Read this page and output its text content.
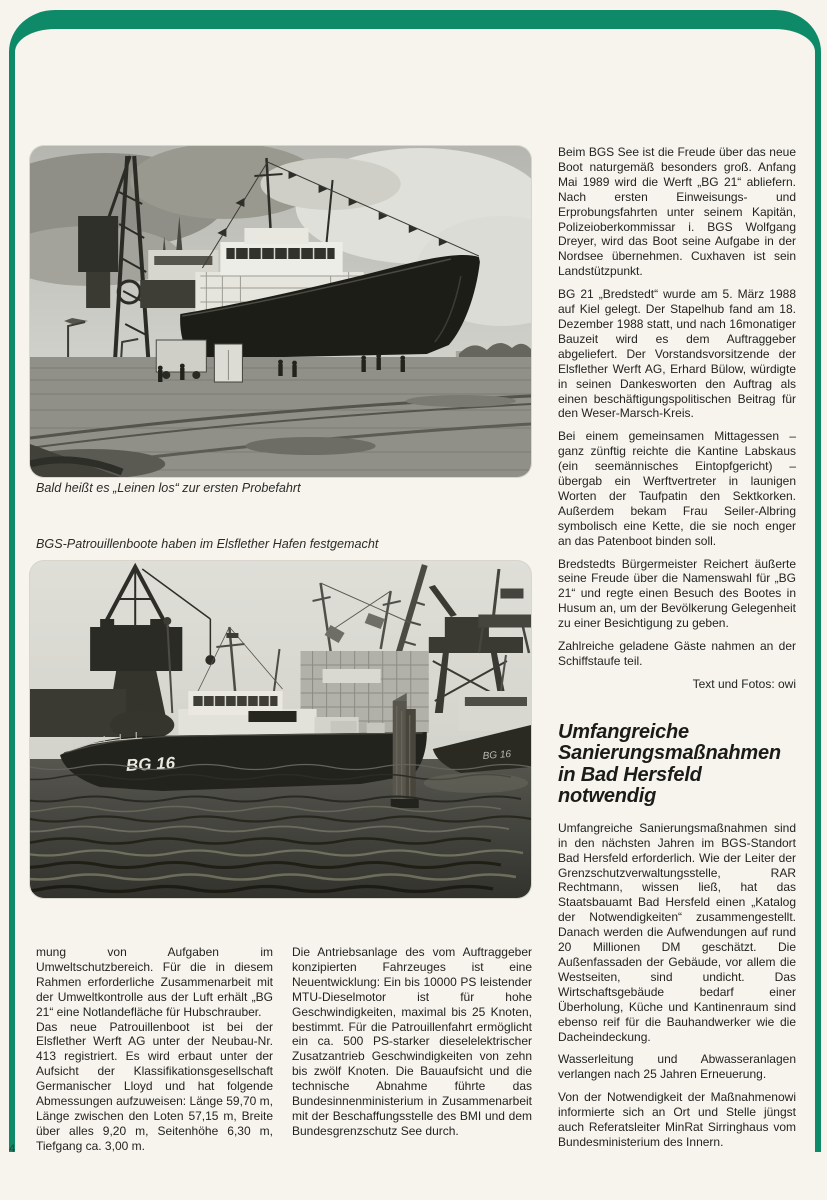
Bald heißt es „Leinen los“ zur ersten Probefahrt
BGS-Patrouillenboote haben im Elsflether Hafen festgemacht
BG 16
BG 16

mung von Aufgaben im Umweltschutzbereich. Für die in diesem Rahmen erforderliche Zusammenarbeit mit der Umweltkontrolle aus der Luft erhält „BG 21“ eine Notlandefläche für Hubschrauber.

Das neue Patrouillenboot ist bei der Elsflether Werft AG unter der Neubau-Nr. 413 registriert. Es wird erbaut unter der Aufsicht der Klassifikationsgesellschaft Germanischer Lloyd und hat folgende Abmessungen aufzuweisen: Länge 59,70 m, Länge zwischen den Loten 57,15 m, Breite über alles 9,20 m, Seitenhöhe 6,30 m, Tiefgang ca. 3,00 m.

Die Antriebsanlage des vom Auftraggeber konzipierten Fahrzeuges ist eine Neuentwicklung: Ein bis 10000 PS leistender MTU-Dieselmotor ist für hohe Geschwindigkeiten, maximal bis 25 Knoten, bestimmt. Für die Patrouillenfahrt ermöglicht ein ca. 500 PS-starker dieselelektrischer Zusatzantrieb Geschwindigkeiten von zehn bis zwölf Knoten. Die Bauaufsicht und die technische Abnahme führte das Bundesinnenministerium in Zusammenarbeit mit der Beschaffungsstelle des BMI und dem Bundesgrenzschutz See durch.

Beim BGS See ist die Freude über das neue Boot naturgemäß besonders groß. Anfang Mai 1989 wird die Werft „BG 21“ abliefern. Nach ersten Einweisungs- und Erprobungsfahrten unter seinem Kapitän, Polizeioberkommissar i. BGS Wolfgang Dreyer, wird das Boot seine Aufgabe in der Nordsee übernehmen. Cuxhaven ist sein Landstützpunkt.

BG 21 „Bredstedt“ wurde am 5. März 1988 auf Kiel gelegt. Der Stapelhub fand am 18. Dezember 1988 statt, und nach 16monatiger Bauzeit wird es dem Auftraggeber abgeliefert. Der Vorstandsvorsitzende der Elsflether Werft AG, Erhard Bülow, würdigte in seinen Dankesworten den Auftrag als einen beschäftigungspolitischen Beitrag für den Weser-Marsch-Kreis.

Bei einem gemeinsamen Mittagessen – ganz zünftig reichte die Kantine Labskaus (ein seemännisches Eintopfgericht) – übergab ein Werftvertreter in launigen Worten der Taufpatin den Sektkorken. Außerdem bekam Frau Seiler-Albring symbolisch eine Kette, die sie noch enger an das Patenboot binden soll.

Bredstedts Bürgermeister Reichert äußerte seine Freude über die Namenswahl für „BG 21“ und regte einen Besuch des Bootes in Husum an, um der Bevölkerung Gelegenheit zu einer Besichtigung zu geben.

Zahlreiche geladene Gäste nahmen an der Schiffstaufe teil.

Text und Fotos: owi

Umfangreiche Sanierungsmaßnahmen in Bad Hersfeld notwendig

Umfangreiche Sanierungsmaßnahmen sind in den nächsten Jahren im BGS-Standort Bad Hersfeld erforderlich. Wie der Leiter der Grenzschutzverwaltungsstelle, RAR Rechtmann, wissen ließ, hat das Staatsbauamt Bad Hersfeld einen „Katalog der Notwendigkeiten“ zusammengestellt. Danach werden die Aufwendungen auf rund 20 Millionen DM geschätzt. Die Außenfassaden der Gebäude, vor allem die Westseiten, sind undicht. Das Wirtschaftsgebäude bedarf einer Überholung, Küche und Kantinenraum sind ebenso reif für die Bauhandwerker wie die Dacheindeckung.

Wasserleitung und Abwasseranlagen verlangen nach 25 Jahren Erneuerung.

owi
Von der Notwendigkeit der Maßnahmen informierte sich an Ort und Stelle jüngst auch Referatsleiter MinRat Sirringhaus vom Bundesministerium des Innern.

4
